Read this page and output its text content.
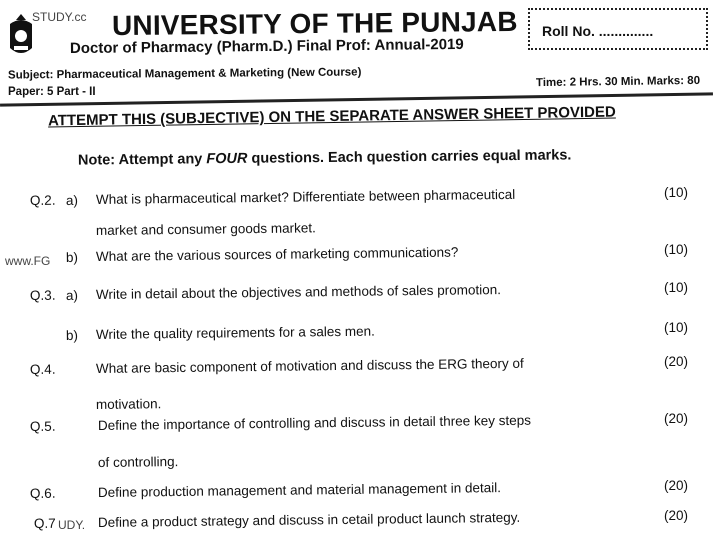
STUDY.cc UNIVERSITY OF THE PUNJAB
Doctor of Pharmacy (Pharm.D.) Final Prof: Annual-2019
Roll No. ..............
Subject: Pharmaceutical Management & Marketing (New Course)
Paper: 5 Part - II
Time: 2 Hrs. 30 Min. Marks: 80
ATTEMPT THIS (SUBJECTIVE) ON THE SEPARATE ANSWER SHEET PROVIDED
Note: Attempt any FOUR questions. Each question carries equal marks.
www.FG
UDY.
Q.2. a) What is pharmaceutical market? Differentiate between pharmaceutical
market and consumer goods market.
(10)
b) What are the various sources of marketing communications?	(10)
Q.3. a) Write in detail about the objectives and methods of sales promotion.	(10)
b) Write the quality requirements for a sales men.	(10)
Q.4.	What are basic component of motivation and discuss the ERG theory of
motivation.
(20)
Q.5.	Define the importance of controlling and discuss in detail three key steps
of controlling.
(20)
Q.6.	Define production management and material management in detail.	(20)
Q.7	Define a product strategy and discuss in cetail product launch strategy.	(20)
